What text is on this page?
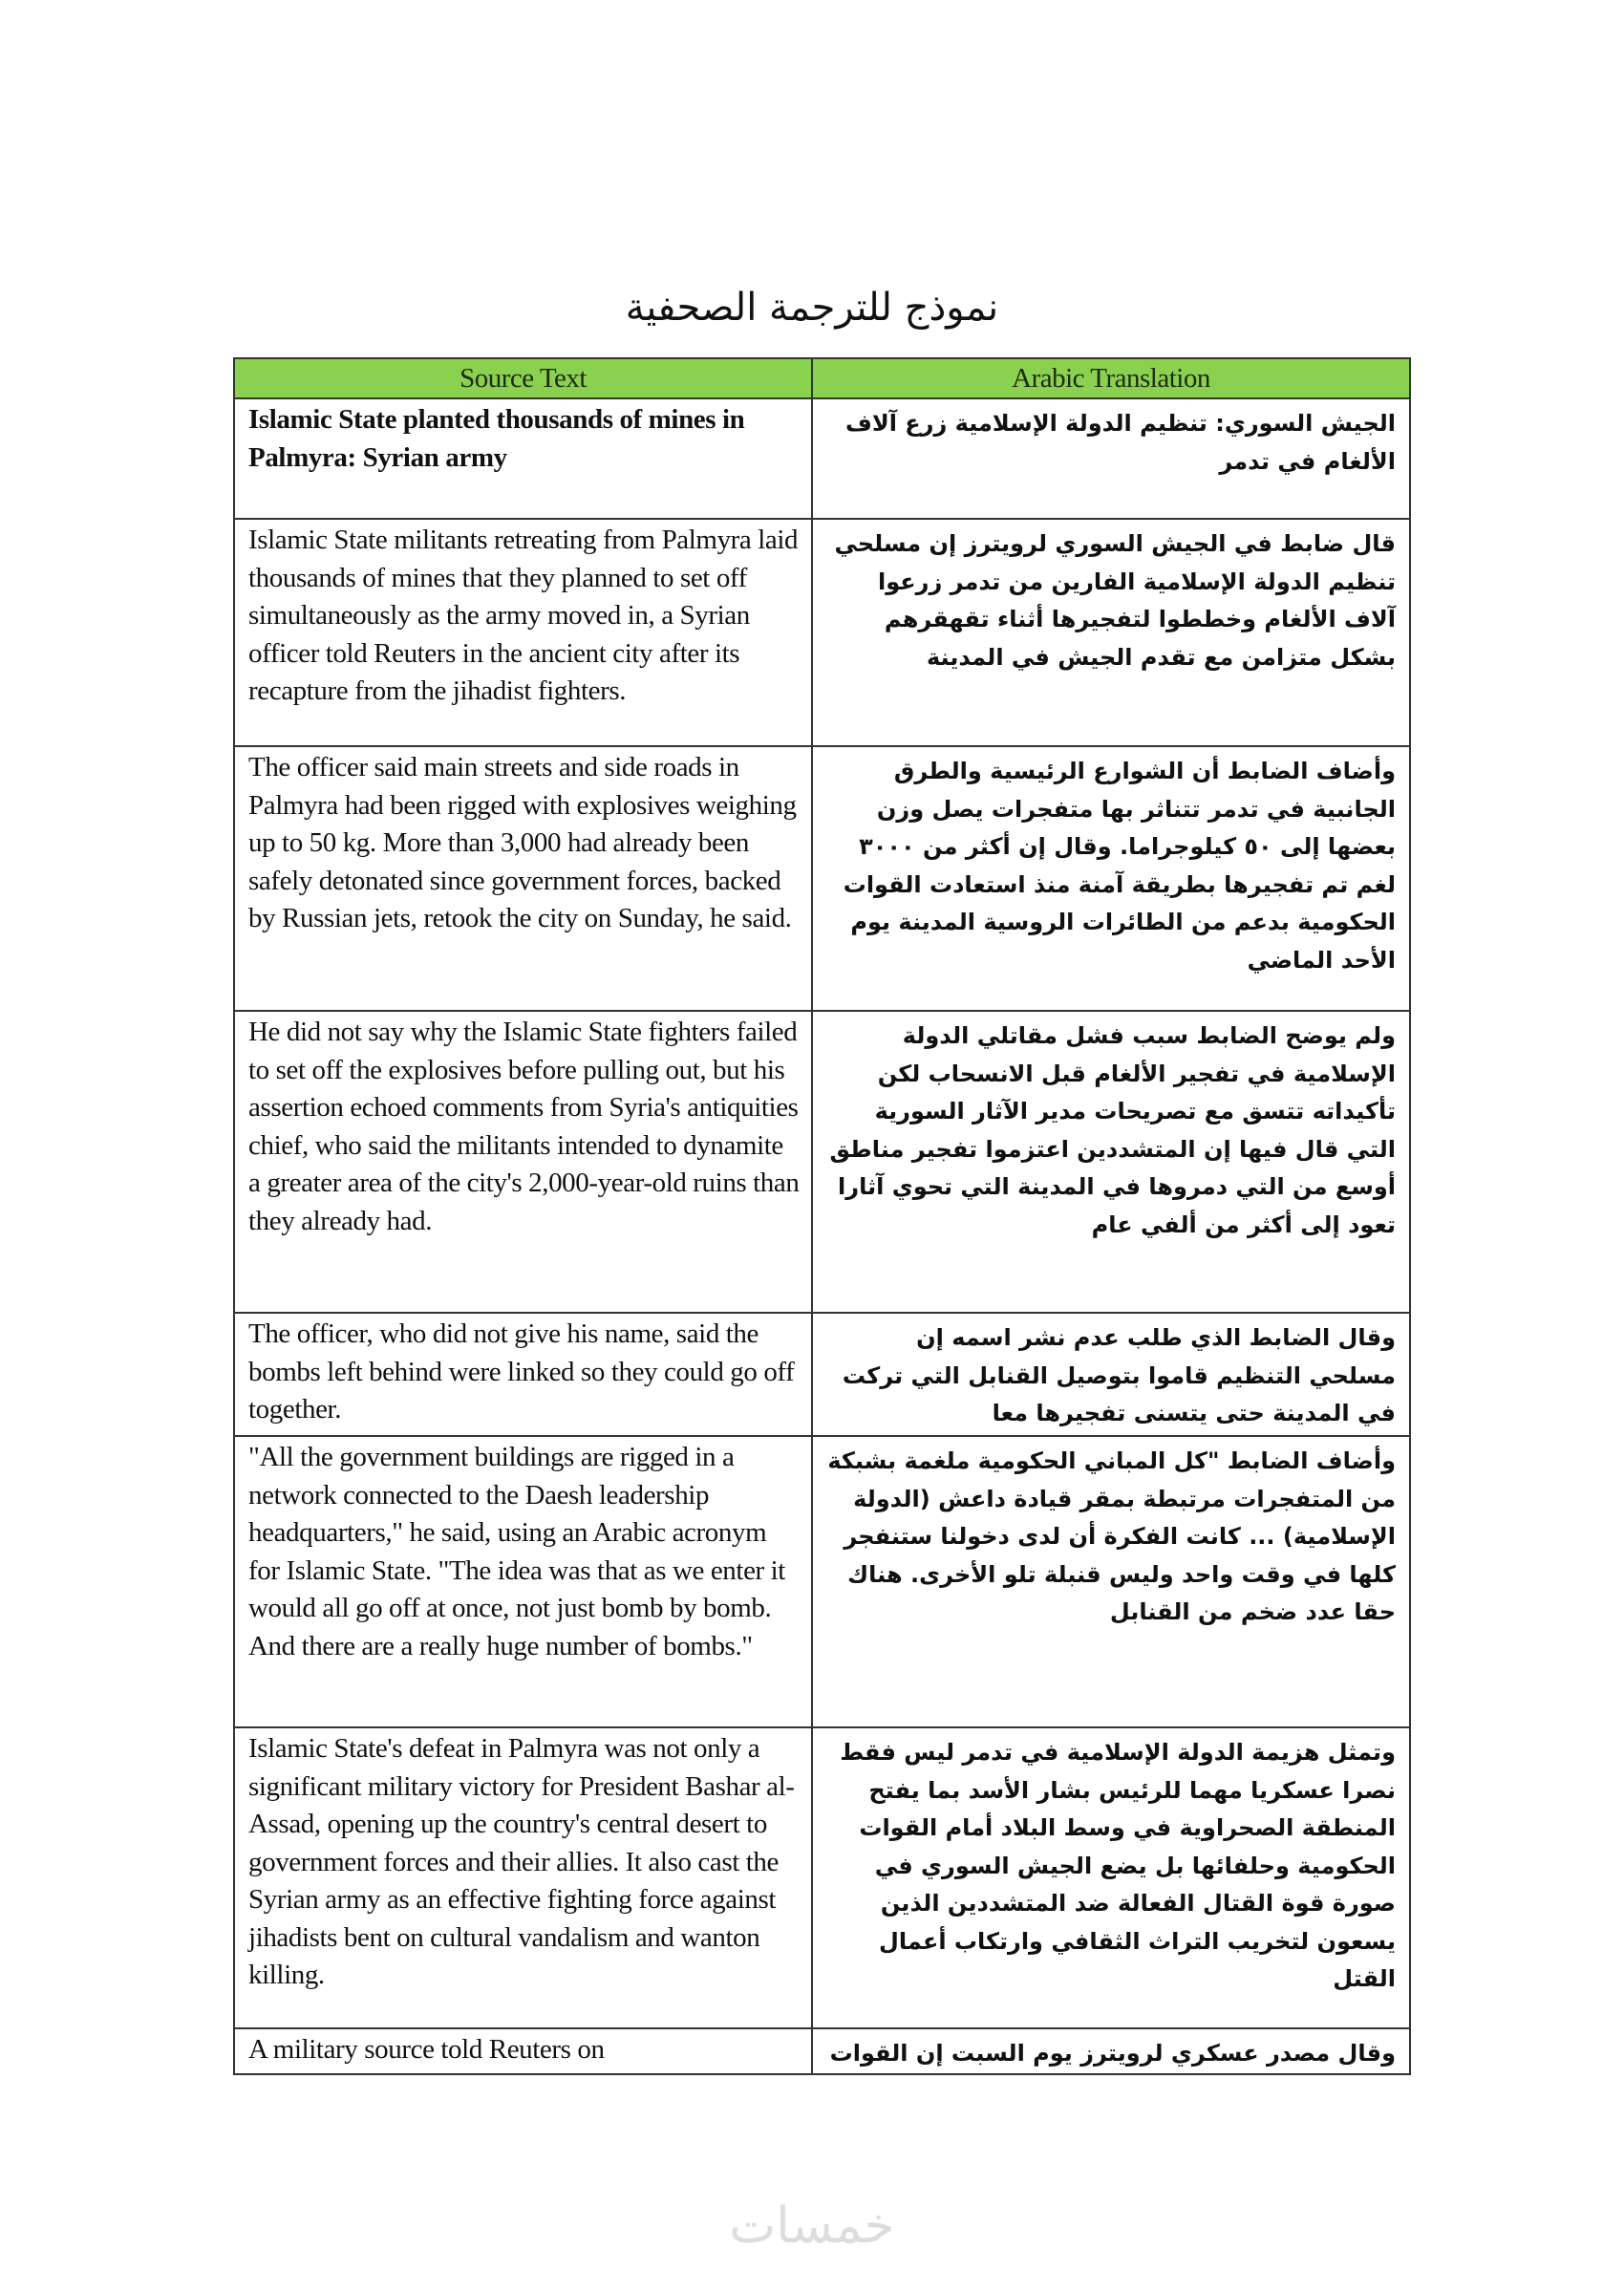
نموذج للترجمة الصحفية
Source Text	Arabic Translation
Islamic State planted thousands of mines in Palmyra: Syrian army	الجيش السوري: تنظيم الدولة الإسلامية زرع آلاف الألغام في تدمر
Islamic State militants retreating from Palmyra laid thousands of mines that they planned to set off simultaneously as the army moved in, a Syrian officer told Reuters in the ancient city after its recapture from the jihadist fighters.	قال ضابط في الجيش السوري لرويترز إن مسلحي تنظيم الدولة الإسلامية الفارين من تدمر زرعوا آلاف الألغام وخططوا لتفجيرها أثناء تقهقرهم بشكل متزامن مع تقدم الجيش في المدينة
The officer said main streets and side roads in Palmyra had been rigged with explosives weighing up to 50 kg. More than 3,000 had already been safely detonated since government forces, backed by Russian jets, retook the city on Sunday, he said.	وأضاف الضابط أن الشوارع الرئيسية والطرق الجانبية في تدمر تتناثر بها متفجرات يصل وزن بعضها إلى ٥٠ كيلوجراما. وقال إن أكثر من ٣٠٠٠ لغم تم تفجيرها بطريقة آمنة منذ استعادت القوات الحكومية بدعم من الطائرات الروسية المدينة يوم الأحد الماضي
He did not say why the Islamic State fighters failed to set off the explosives before pulling out, but his assertion echoed comments from Syria's antiquities chief, who said the militants intended to dynamite a greater area of the city's 2,000-year-old ruins than they already had.	ولم يوضح الضابط سبب فشل مقاتلي الدولة الإسلامية في تفجير الألغام قبل الانسحاب لكن تأكيداته تتسق مع تصريحات مدير الآثار السورية التي قال فيها إن المتشددين اعتزموا تفجير مناطق أوسع من التي دمروها في المدينة التي تحوي آثارا تعود إلى أكثر من ألفي عام
The officer, who did not give his name, said the bombs left behind were linked so they could go off together.	وقال الضابط الذي طلب عدم نشر اسمه إن مسلحي التنظيم قاموا بتوصيل القنابل التي تركت في المدينة حتى يتسنى تفجيرها معا
"All the government buildings are rigged in a network connected to the Daesh leadership headquarters," he said, using an Arabic acronym for Islamic State. "The idea was that as we enter it would all go off at once, not just bomb by bomb. And there are a really huge number of bombs."	وأضاف الضابط "كل المباني الحكومية ملغمة بشبكة من المتفجرات مرتبطة بمقر قيادة داعش (الدولة الإسلامية) ... كانت الفكرة أن لدى دخولنا ستنفجر كلها في وقت واحد وليس قنبلة تلو الأخرى. هناك حقا عدد ضخم من القنابل
Islamic State's defeat in Palmyra was not only a significant military victory for President Bashar al-Assad, opening up the country's central desert to government forces and their allies. It also cast the Syrian army as an effective fighting force against jihadists bent on cultural vandalism and wanton killing.	وتمثل هزيمة الدولة الإسلامية في تدمر ليس فقط نصرا عسكريا مهما للرئيس بشار الأسد بما يفتح المنطقة الصحراوية في وسط البلاد أمام القوات الحكومية وحلفائها بل يضع الجيش السوري في صورة قوة القتال الفعالة ضد المتشددين الذين يسعون لتخريب التراث الثقافي وارتكاب أعمال القتل
A military source told Reuters on	وقال مصدر عسكري لرويترز يوم السبت إن القوات
خمسات
